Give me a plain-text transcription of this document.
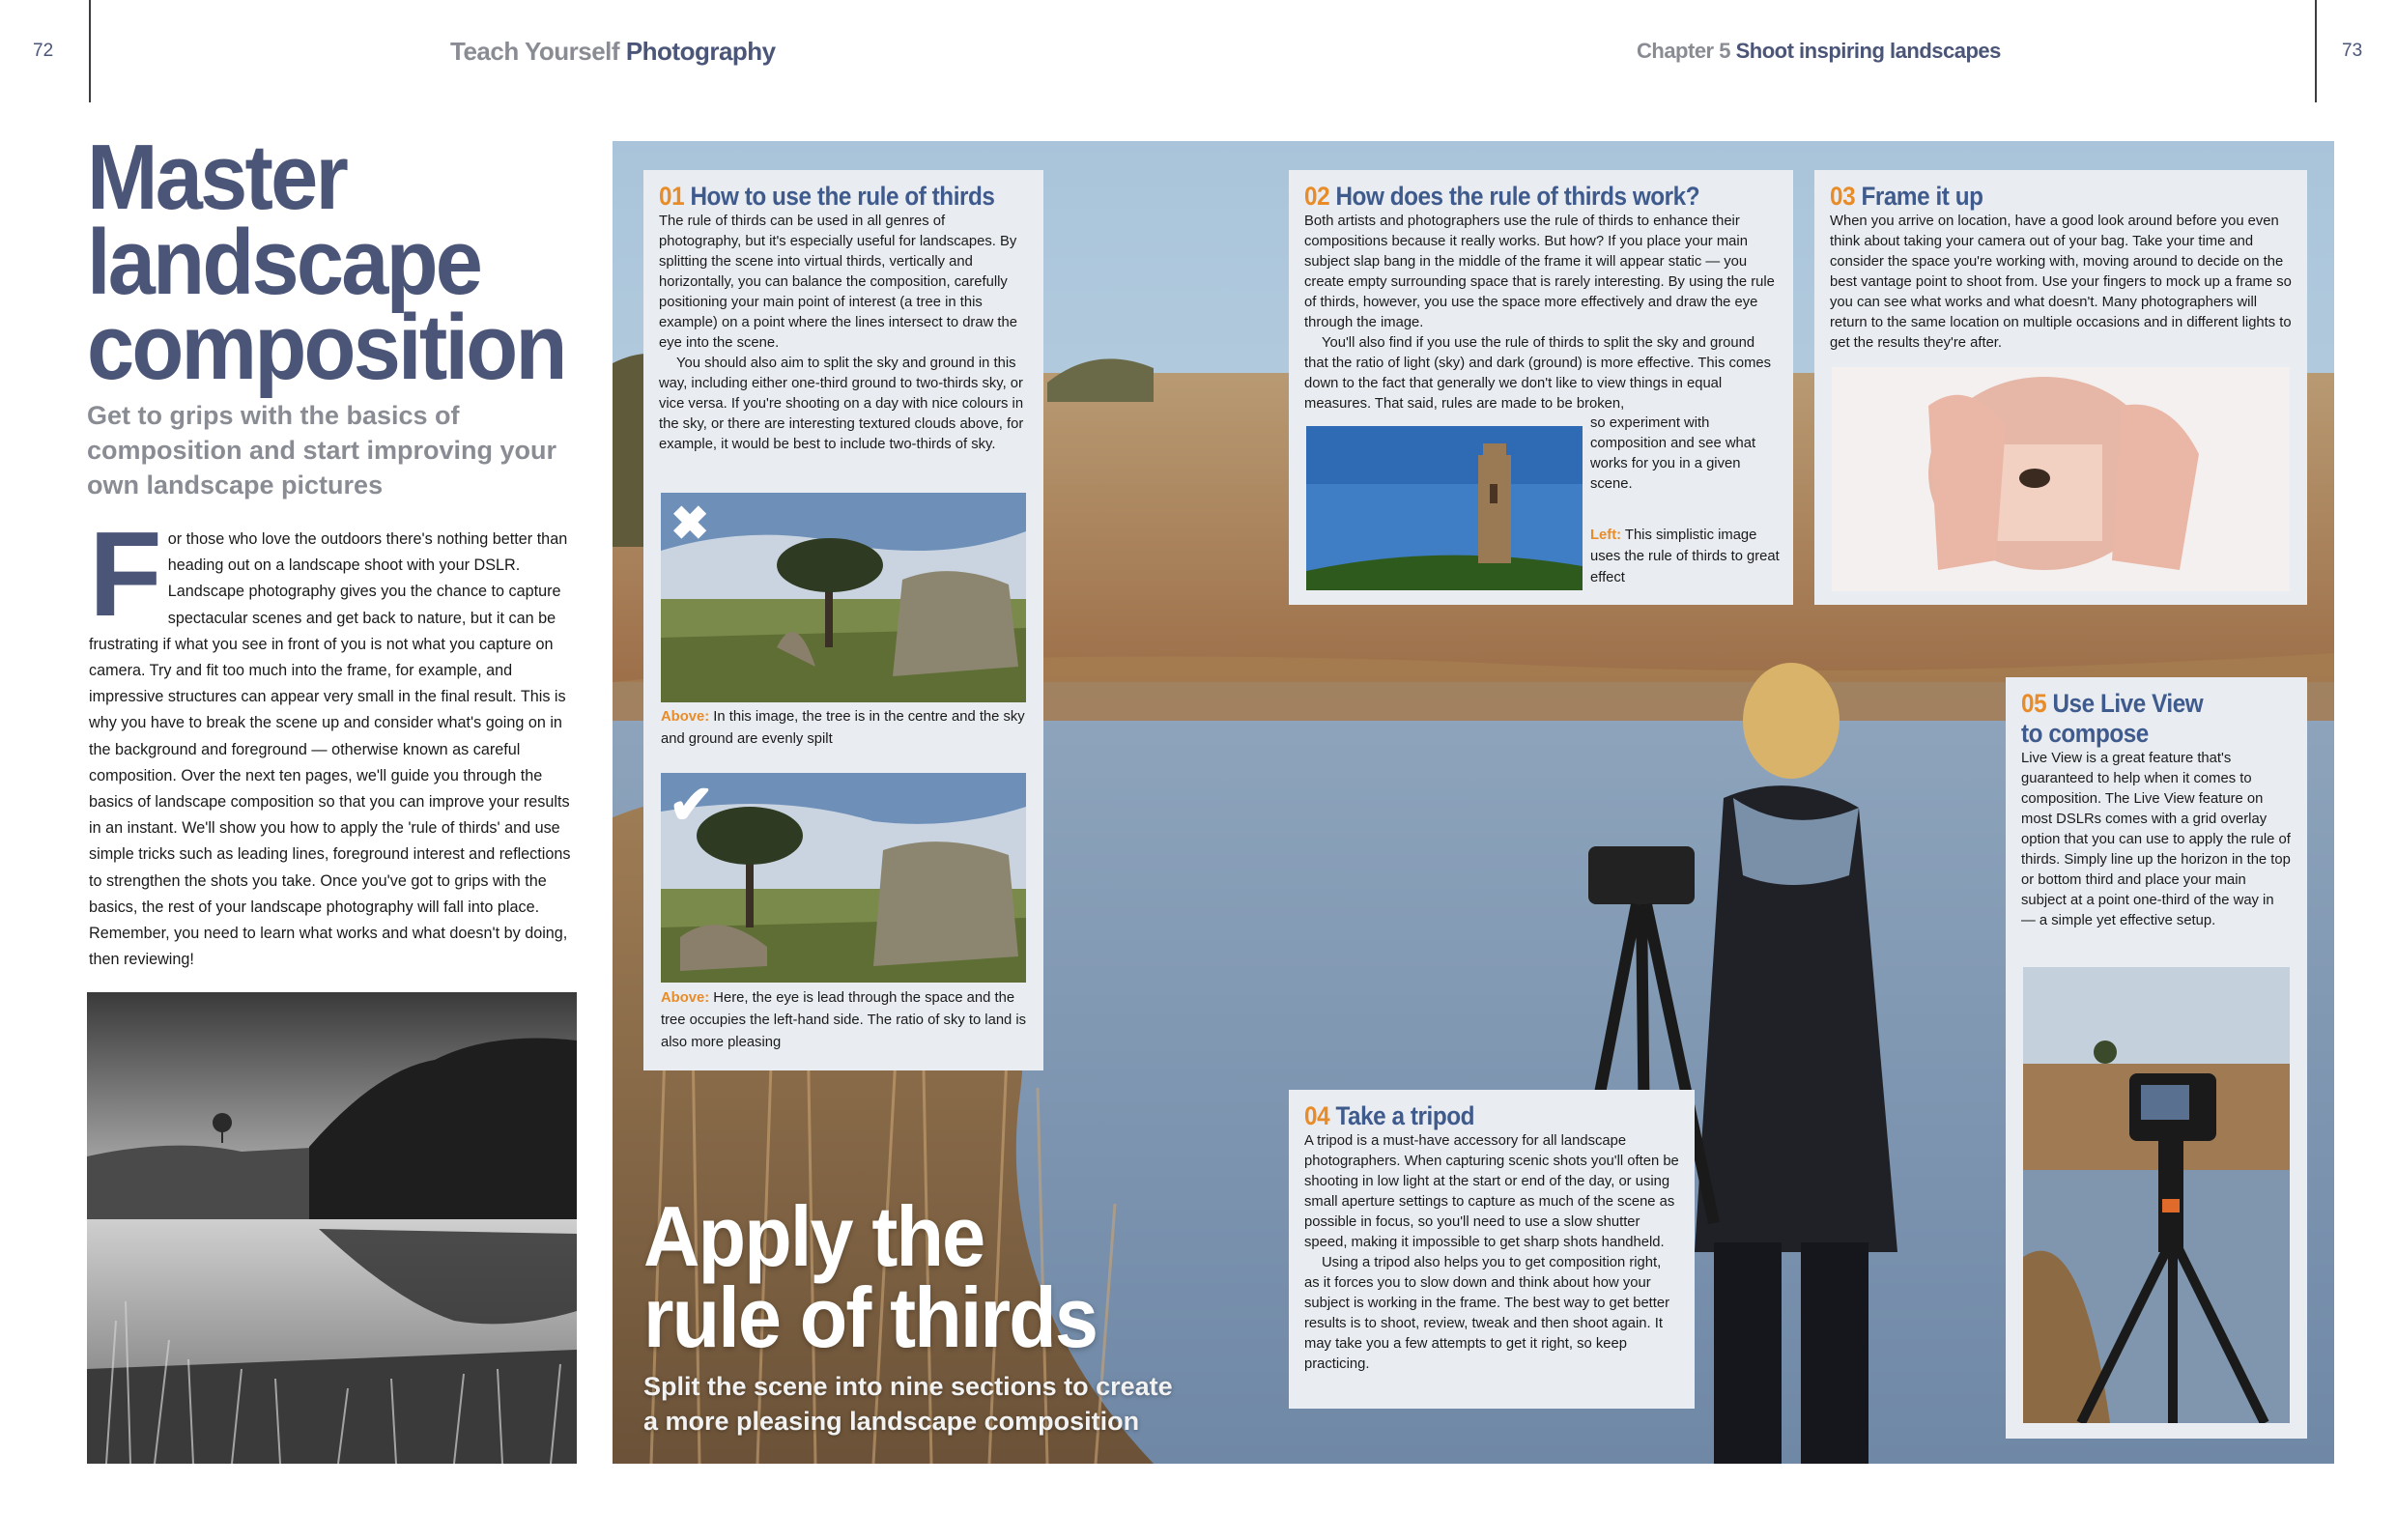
72	Teach Yourself Photography	Chapter 5 Shoot inspiring landscapes	73
Master
landscape
composition
Get to grips with the basics of composition and start improving your own landscape pictures
F or those who love the outdoors there's nothing better than heading out on a landscape shoot with your DSLR. Landscape photography gives you the chance to capture spectacular scenes and get back to nature, but it can be frustrating if what you see in front of you is not what you capture on camera. Try and fit too much into the frame, for example, and impressive structures can appear very small in the final result. This is why you have to break the scene up and consider what's going on in the background and foreground — otherwise known as careful composition. Over the next ten pages, we'll guide you through the basics of landscape composition so that you can improve your results in an instant. We'll show you how to apply the 'rule of thirds' and use simple tricks such as leading lines, foreground interest and reflections to strengthen the shots you take. Once you've got to grips with the basics, the rest of your landscape photography will fall into place. Remember, you need to learn what works and what doesn't by doing, then reviewing!
01 How to use the rule of thirds

The rule of thirds can be used in all genres of photography, but it's especially useful for landscapes. By splitting the scene into virtual thirds, vertically and horizontally, you can balance the composition, carefully positioning your main point of interest (a tree in this example) on a point where the lines intersect to draw the eye into the scene.

You should also aim to split the sky and ground in this way, including either one-third ground to two-thirds sky, or vice versa. If you're shooting on a day with nice colours in the sky, or there are interesting textured clouds above, for example, it would be best to include two-thirds of sky.

✖
Above: In this image, the tree is in the centre and the sky and ground are evenly spilt
✔
Above: Here, the eye is lead through the space and the tree occupies the left-hand side. The ratio of sky to land is also more pleasing
02 How does the rule of thirds work?

Both artists and photographers use the rule of thirds to enhance their compositions because it really works. But how? If you place your main subject slap bang in the middle of the frame it will appear static — you create empty surrounding space that is rarely interesting. By using the rule of thirds, however, you use the space more effectively and draw the eye through the image.

You'll also find if you use the rule of thirds to split the sky and ground that the ratio of light (sky) and dark (ground) is more effective. This comes down to the fact that generally we don't like to view things in equal measures. That said, rules are made to be broken,

so experiment with composition and see what works for you in a given scene.

Left: This simplistic image uses the rule of thirds to great effect
03 Frame it up

When you arrive on location, have a good look around before you even think about taking your camera out of your bag. Take your time and consider the space you're working with, moving around to decide on the best vantage point to shoot from. Use your fingers to mock up a frame so you can see what works and what doesn't. Many photographers will return to the same location on multiple occasions and in different lights to get the results they're after.

05 Use Live View
to compose

Live View is a great feature that's guaranteed to help when it comes to composition. The Live View feature on most DSLRs comes with a grid overlay option that you can use to apply the rule of thirds. Simply line up the horizon in the top or bottom third and place your main subject at a point one-third of the way in — a simple yet effective setup.

04 Take a tripod

A tripod is a must-have accessory for all landscape photographers. When capturing scenic shots you'll often be shooting in low light at the start or end of the day, or using small aperture settings to capture as much of the scene as possible in focus, so you'll need to use a slow shutter speed, making it impossible to get sharp shots handheld.

Using a tripod also helps you to get composition right, as it forces you to slow down and think about how your subject is working in the frame. The best way to get better results is to shoot, review, tweak and then shoot again. It may take you a few attempts to get it right, so keep practicing.

Apply the
rule of thirds
Split the scene into nine sections to create a more pleasing landscape composition
